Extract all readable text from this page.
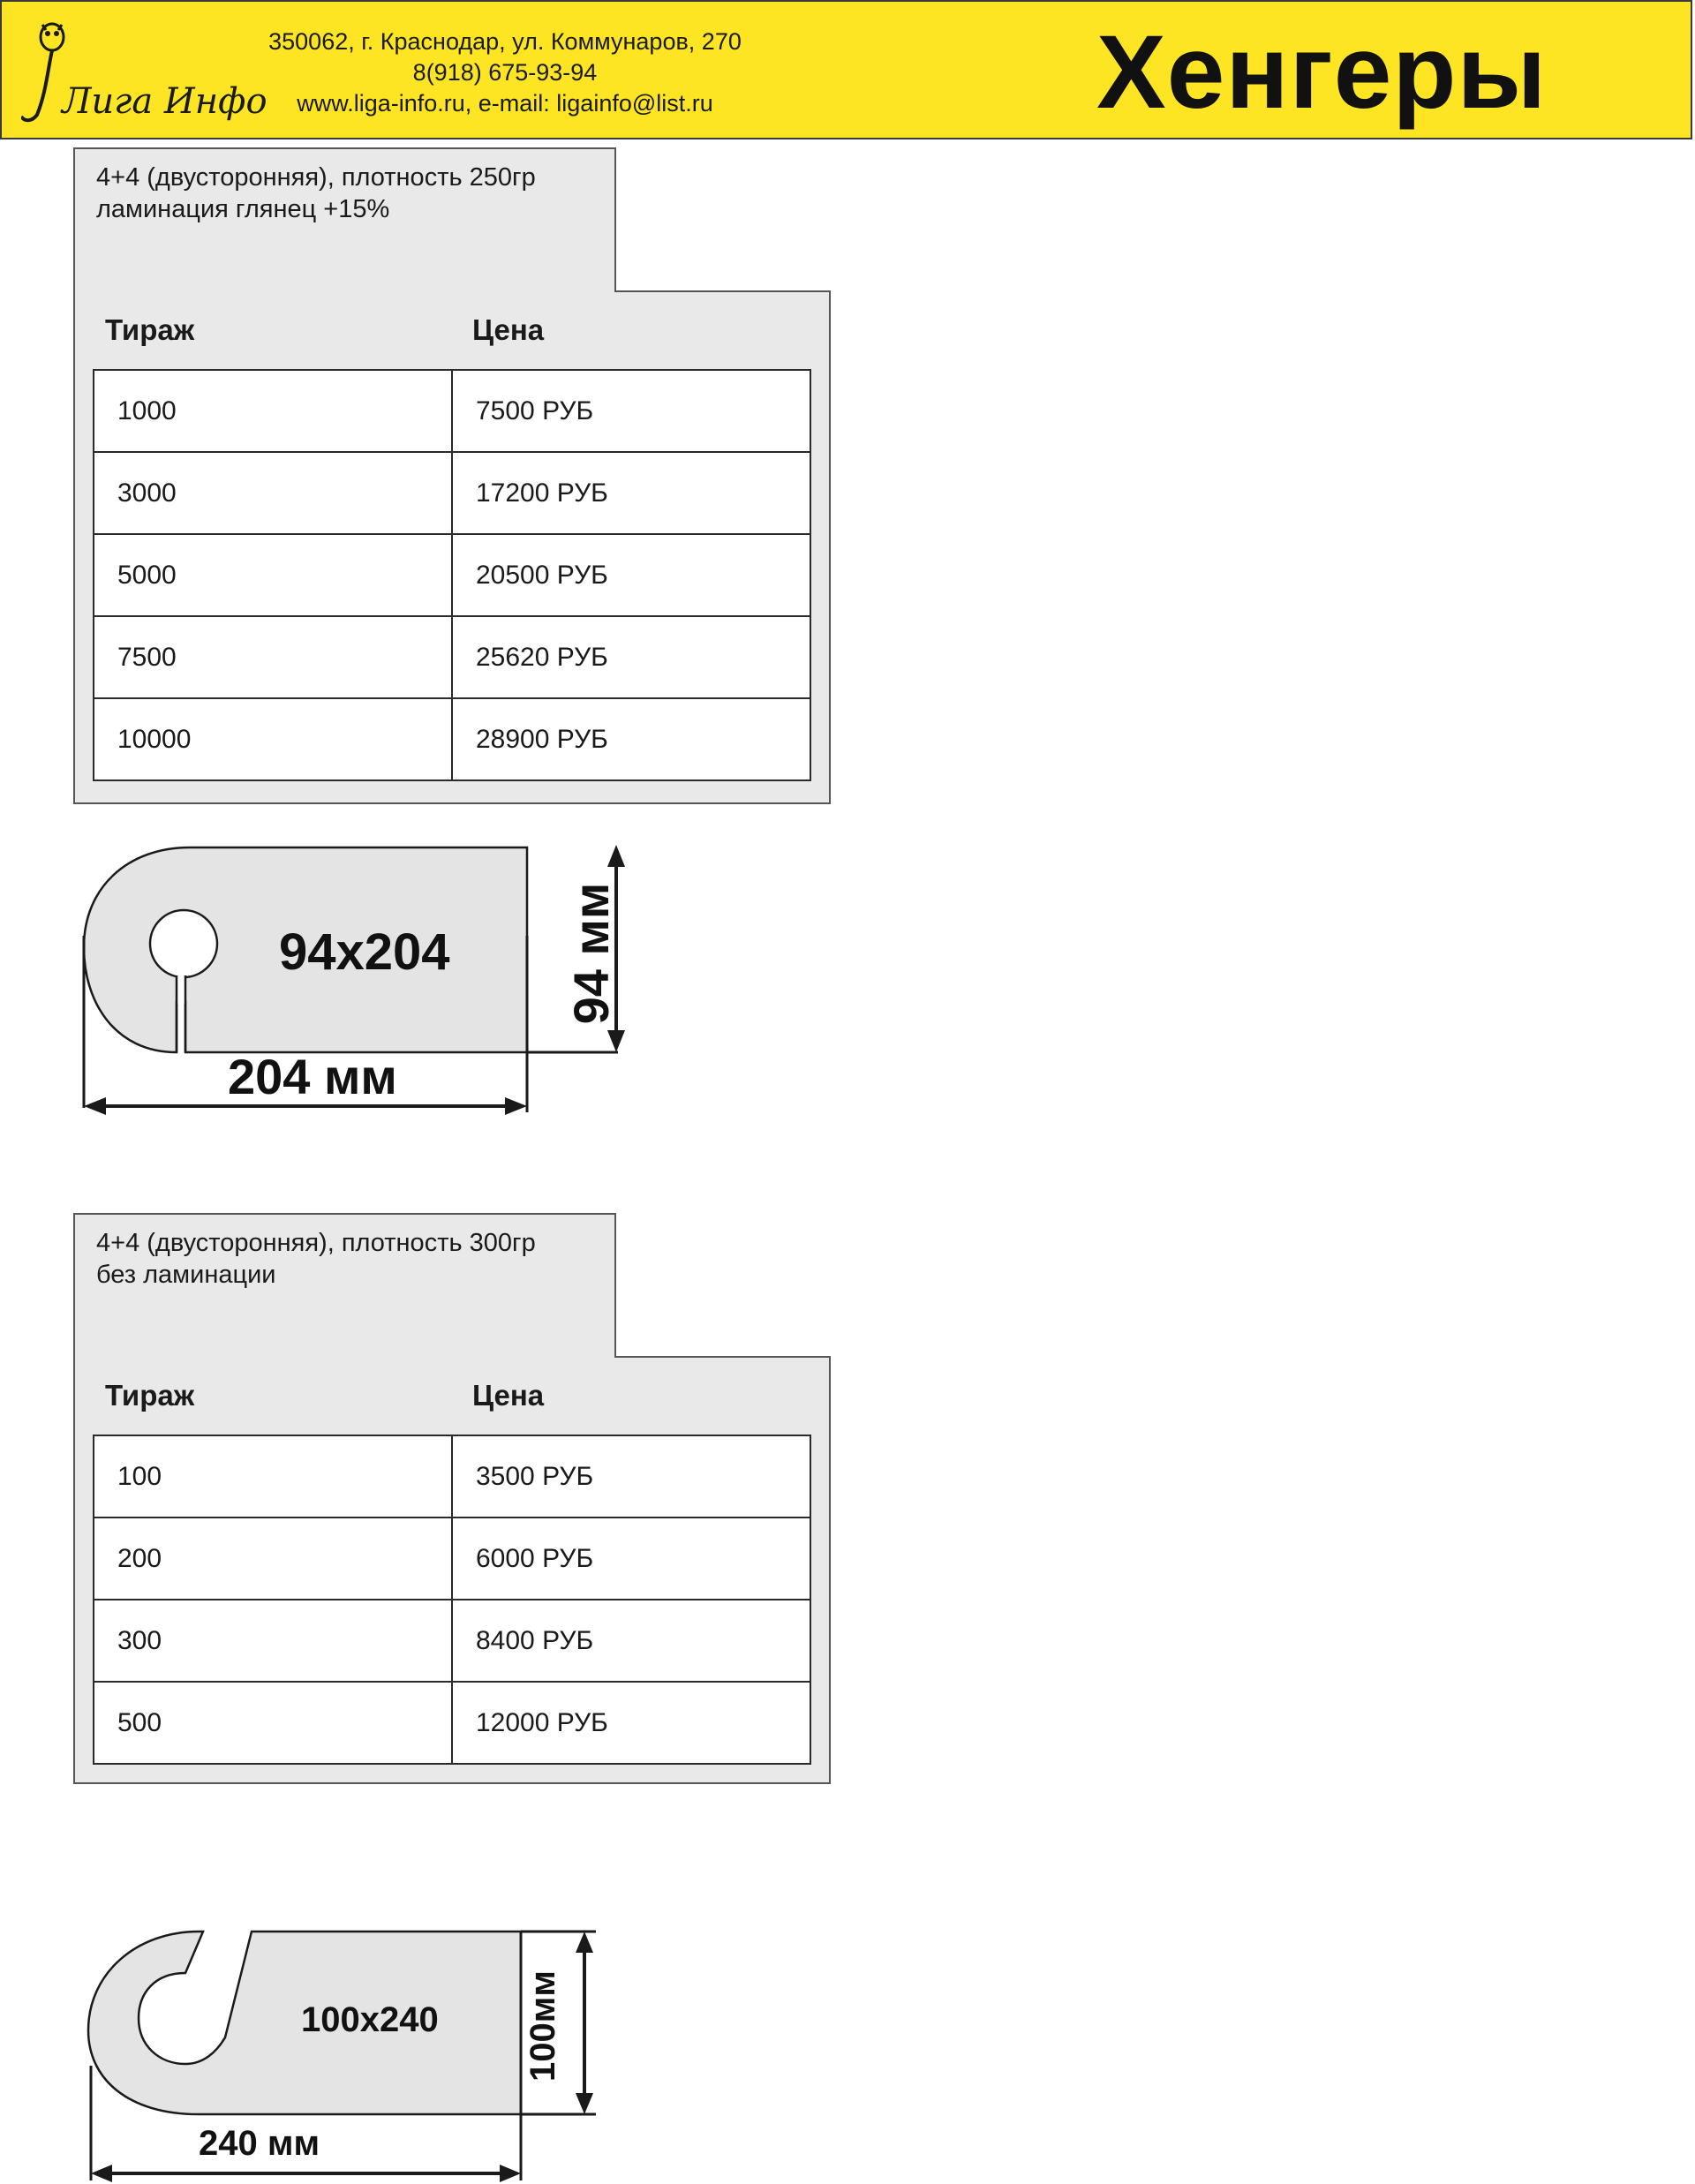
Лига Инфо
350062, г. Краснодар, ул. Коммунаров, 270
8(918) 675-93-94
www.liga-info.ru, e-mail: ligainfo@list.ru	Хенгеры
4+4 (двусторонняя), плотность 250гр
ламинация глянец +15%
Тираж	Цена
1000	7500 РУБ
3000	17200 РУБ
5000	20500 РУБ
7500	25620 РУБ
10000	28900 РУБ
94x204
204 мм
94 мм
4+4 (двусторонняя), плотность 300гр
без ламинации
Тираж	Цена
100	3500 РУБ
200	6000 РУБ
300	8400 РУБ
500	12000 РУБ
100x240
240 мм
100мм
